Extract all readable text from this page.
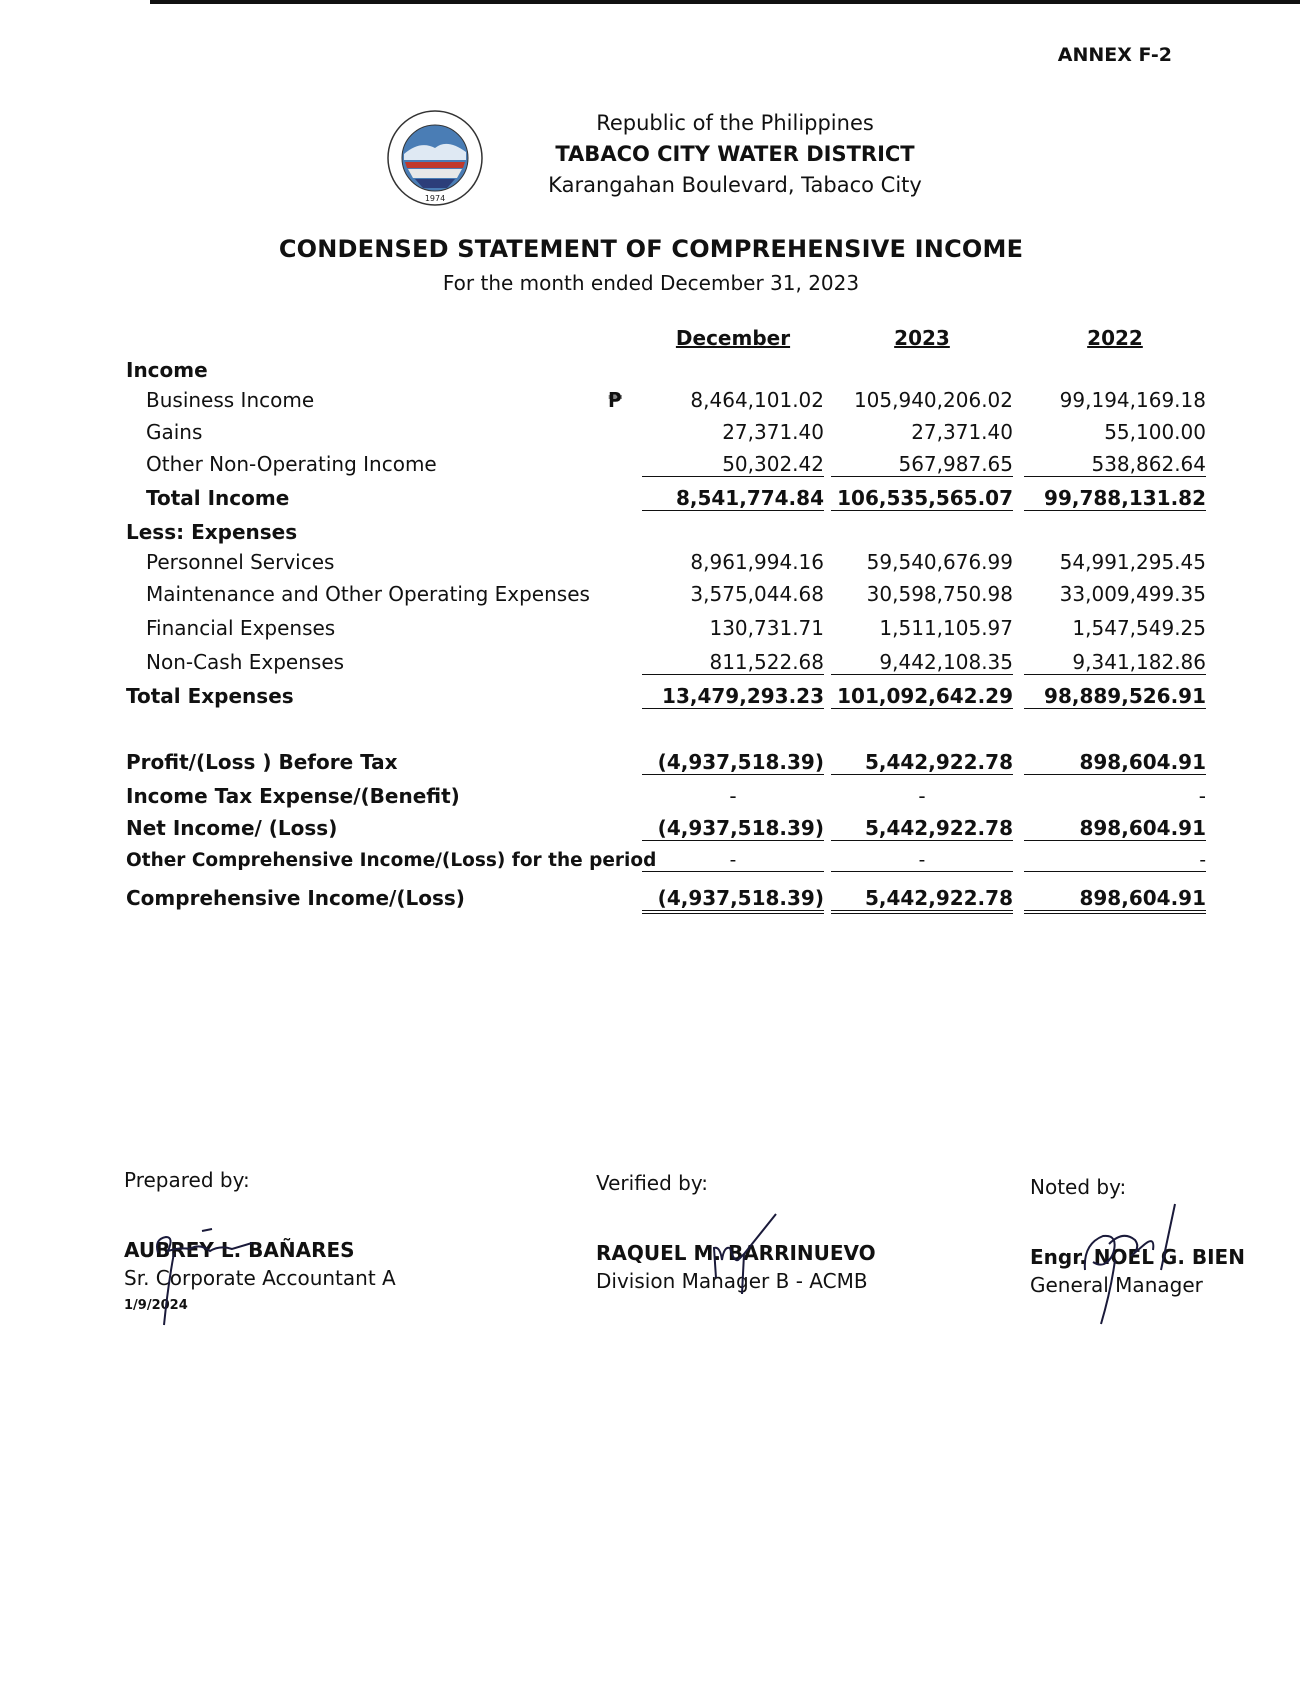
ANNEX F-2
1974
Republic of the Philippines
TABACO CITY WATER DISTRICT
Karangahan Boulevard, Tabaco City
CONDENSED STATEMENT OF COMPREHENSIVE INCOME
For the month ended December 31, 2023
December	2023	2022
Income
Business Income	₱	8,464,101.02	105,940,206.02	99,194,169.18
Gains	27,371.40	27,371.40	55,100.00
Other Non-Operating Income	50,302.42	567,987.65	538,862.64
Total Income	8,541,774.84 106,535,565.07	99,788,131.82
Less: Expenses
Personnel Services	8,961,994.16	59,540,676.99	54,991,295.45
Maintenance and Other Operating Expenses	3,575,044.68	30,598,750.98	33,009,499.35
Financial Expenses	130,731.71	1,511,105.97	1,547,549.25
Non-Cash Expenses	811,522.68	9,442,108.35	9,341,182.86
Total Expenses	13,479,293.23 101,092,642.29	98,889,526.91
Profit/(Loss ) Before Tax	(4,937,518.39)	5,442,922.78	898,604.91
Income Tax Expense/(Benefit)	-	-	-
Net Income/ (Loss)	(4,937,518.39)	5,442,922.78	898,604.91
Other Comprehensive Income/(Loss) for the period	-	-	-
Comprehensive Income/(Loss)	(4,937,518.39)	5,442,922.78	898,604.91
Prepared by:
AUBREY L. BAÑARES
Sr. Corporate Accountant A
1/9/2024
Verified by:
RAQUEL M. BARRINUEVO
Division Manager B - ACMB
Noted by:
Engr. NOEL G. BIEN
General Manager
